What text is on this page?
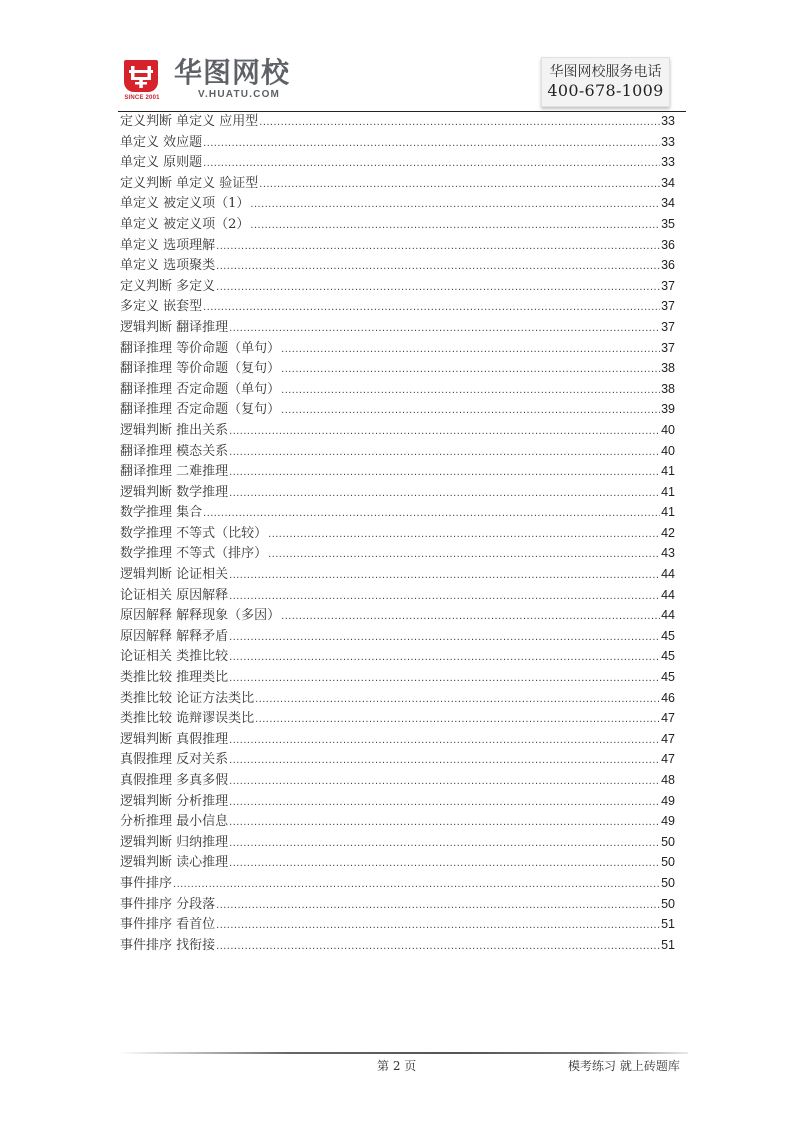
SINCE 2001
华图网校
V.HUATU.COM
华图网校服务电话
400-678-1009
定义判断 单定义 应用型 .....	33
单定义 效应题 .....	33
单定义 原则题 .....	33
定义判断 单定义 验证型 .....	34
单定义 被定义项（1） .....	34
单定义 被定义项（2） .....	35
单定义 选项理解 .....	36
单定义 选项聚类 .....	36
定义判断 多定义 .....	37
多定义 嵌套型 .....	37
逻辑判断 翻译推理 .....	37
翻译推理 等价命题（单句） .....	37
翻译推理 等价命题（复句） .....	38
翻译推理 否定命题（单句） .....	38
翻译推理 否定命题（复句） .....	39
逻辑判断 推出关系 .....	40
翻译推理 模态关系 .....	40
翻译推理 二难推理 .....	41
逻辑判断 数学推理 .....	41
数学推理 集合 .....	41
数学推理 不等式（比较） .....	42
数学推理 不等式（排序） .....	43
逻辑判断 论证相关 .....	44
论证相关 原因解释 .....	44
原因解释 解释现象（多因） .....	44
原因解释 解释矛盾 .....	45
论证相关 类推比较 .....	45
类推比较 推理类比 .....	45
类推比较 论证方法类比 .....	46
类推比较 诡辩谬误类比 .....	47
逻辑判断 真假推理 .....	47
真假推理 反对关系 .....	47
真假推理 多真多假 .....	48
逻辑判断 分析推理 .....	49
分析推理 最小信息 .....	49
逻辑判断 归纳推理 .....	50
逻辑判断 读心推理 .....	50
事件排序 .....	50
事件排序 分段落 .....	50
事件排序 看首位 .....	51
事件排序 找衔接 .....	51
第 2 页	模考练习 就上砖题库
